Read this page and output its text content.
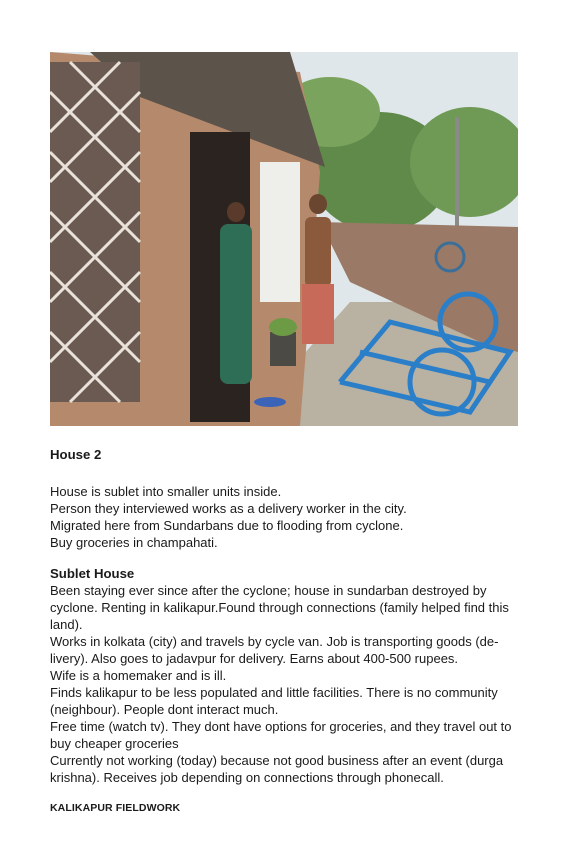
House 2

House is sublet into smaller units inside.

Person they interviewed works as a delivery worker in the city.

Migrated here from Sundarbans due to flooding from cyclone.

Buy groceries in champahati.

Sublet House

Been staying ever since after the cyclone; house in sundarban destroyed by cyclone. Renting in kalikapur.Found through connections (family helped find this land).

Works in kolkata (city) and travels by cycle van. Job is transporting goods (de-livery). Also goes to jadavpur for delivery. Earns about 400-500 rupees.

Wife is a homemaker and is ill.

Finds kalikapur to be less populated and little facilities. There is no community (neighbour). People dont interact much.

Free time (watch tv). They dont have options for groceries, and they travel out to buy cheaper groceries

Currently not working (today) because not good business after an event (durga krishna). Receives job depending on connections through phonecall.

KALIKAPUR FIELDWORK
